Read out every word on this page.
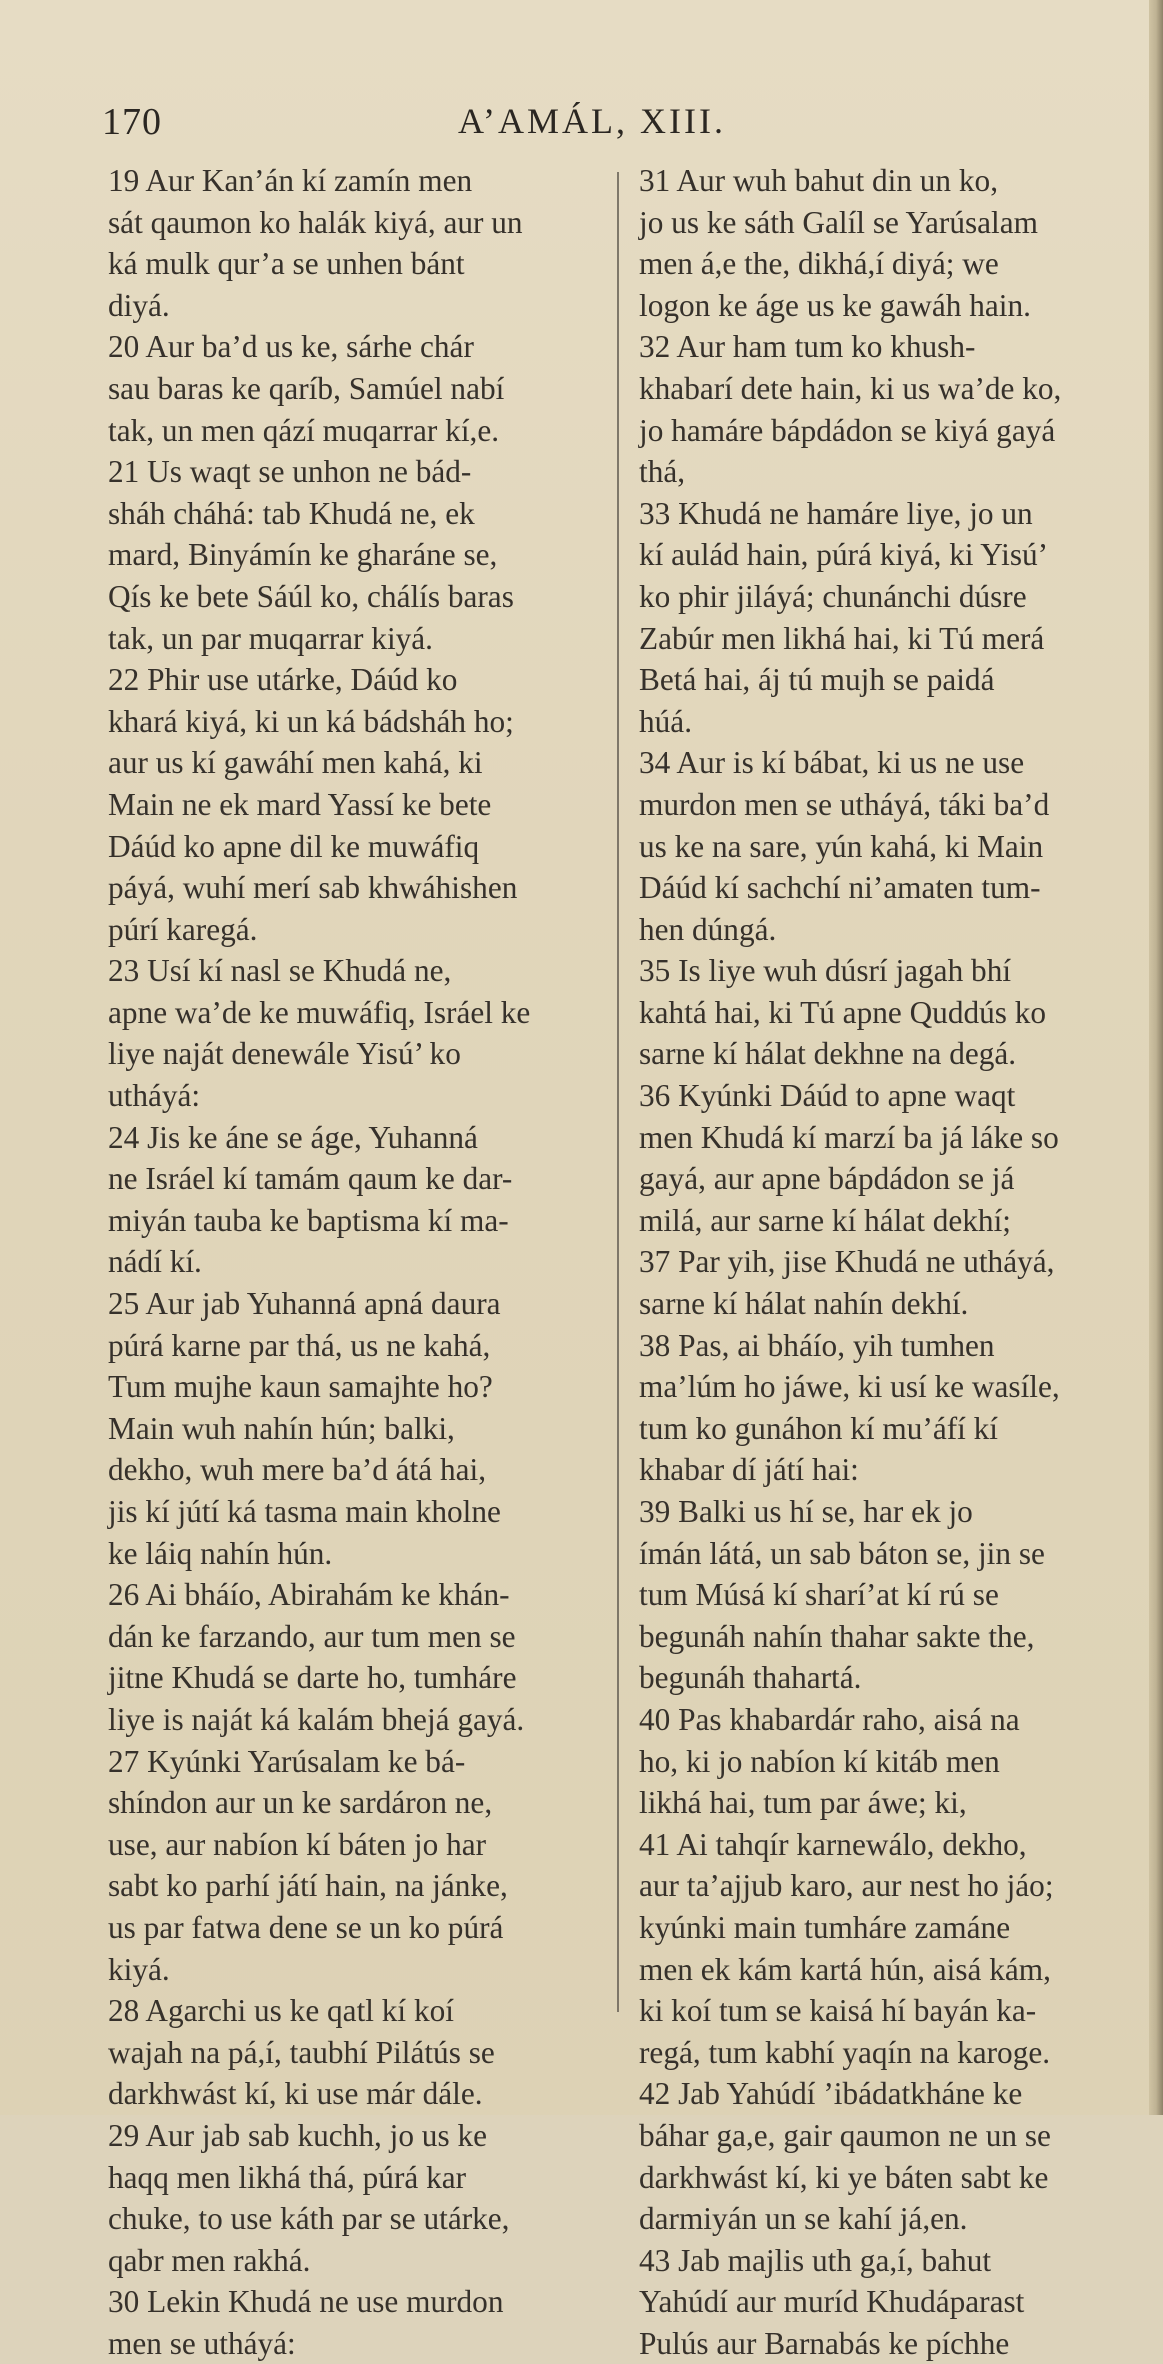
170	A’AMÁL, XIII.
19 Aur Kan’án kí zamín men
sát qaumon ko halák kiyá, aur un
ká mulk qur’a se unhen bánt
diyá.
20 Aur ba’d us ke, sárhe chár
sau baras ke qaríb, Samúel nabí
tak, un men qází muqarrar kí,e.
21 Us waqt se unhon ne bád-
sháh cháhá: tab Khudá ne, ek
mard, Binyámín ke gharáne se,
Qís ke bete Sáúl ko, chálís baras
tak, un par muqarrar kiyá.
22 Phir use utárke, Dáúd ko
khará kiyá, ki un ká bádsháh ho;
aur us kí gawáhí men kahá, ki
Main ne ek mard Yassí ke bete
Dáúd ko apne dil ke muwáfiq
páyá, wuhí merí sab khwáhishen
púrí karegá.
23 Usí kí nasl se Khudá ne,
apne wa’de ke muwáfiq, Isráel ke
liye naját denewále Yisú’ ko
utháyá:
24 Jis ke áne se áge, Yuhanná
ne Isráel kí tamám qaum ke dar-
miyán tauba ke baptisma kí ma-
nádí kí.
25 Aur jab Yuhanná apná daura
púrá karne par thá, us ne kahá,
Tum mujhe kaun samajhte ho?
Main wuh nahín hún; balki,
dekho, wuh mere ba’d átá hai,
jis kí jútí ká tasma main kholne
ke láiq nahín hún.
26 Ai bháío, Abirahám ke khán-
dán ke farzando, aur tum men se
jitne Khudá se darte ho, tumháre
liye is naját ká kalám bhejá gayá.
27 Kyúnki Yarúsalam ke bá-
shíndon aur un ke sardáron ne,
use, aur nabíon kí báten jo har
sabt ko parhí játí hain, na jánke,
us par fatwa dene se un ko púrá
kiyá.
28 Agarchi us ke qatl kí koí
wajah na pá,í, taubhí Pilátús se
darkhwást kí, ki use már dále.
29 Aur jab sab kuchh, jo us ke
haqq men likhá thá, púrá kar
chuke, to use káth par se utárke,
qabr men rakhá.
30 Lekin Khudá ne use murdon
men se utháyá:
31 Aur wuh bahut din un ko,
jo us ke sáth Galíl se Yarúsalam
men á,e the, dikhá,í diyá; we
logon ke áge us ke gawáh hain.
32 Aur ham tum ko khush-
khabarí dete hain, ki us wa’de ko,
jo hamáre bápdádon se kiyá gayá
thá,
33 Khudá ne hamáre liye, jo un
kí aulád hain, púrá kiyá, ki Yisú’
ko phir jiláyá; chunánchi dúsre
Zabúr men likhá hai, ki Tú merá
Betá hai, áj tú mujh se paidá
húá.
34 Aur is kí bábat, ki us ne use
murdon men se utháyá, táki ba’d
us ke na sare, yún kahá, ki Main
Dáúd kí sachchí ni’amaten tum-
hen dúngá.
35 Is liye wuh dúsrí jagah bhí
kahtá hai, ki Tú apne Quddús ko
sarne kí hálat dekhne na degá.
36 Kyúnki Dáúd to apne waqt
men Khudá kí marzí ba já láke so
gayá, aur apne bápdádon se já
milá, aur sarne kí hálat dekhí;
37 Par yih, jise Khudá ne utháyá,
sarne kí hálat nahín dekhí.
38 Pas, ai bháío, yih tumhen
ma’lúm ho jáwe, ki usí ke wasíle,
tum ko gunáhon kí mu’áfí kí
khabar dí játí hai:
39 Balki us hí se, har ek jo
ímán látá, un sab báton se, jin se
tum Músá kí sharí’at kí rú se
begunáh nahín thahar sakte the,
begunáh thahartá.
40 Pas khabardár raho, aisá na
ho, ki jo nabíon kí kitáb men
likhá hai, tum par áwe; ki,
41 Ai tahqír karnewálo, dekho,
aur ta’ajjub karo, aur nest ho jáo;
kyúnki main tumháre zamáne
men ek kám kartá hún, aisá kám,
ki koí tum se kaisá hí bayán ka-
regá, tum kabhí yaqín na karoge.
42 Jab Yahúdí ’ibádatkháne ke
báhar ga,e, gair qaumon ne un se
darkhwást kí, ki ye báten sabt ke
darmiyán un se kahí já,en.
43 Jab majlis uth ga,í, bahut
Yahúdí aur muríd Khudáparast
Pulús aur Barnabás ke píchhe
